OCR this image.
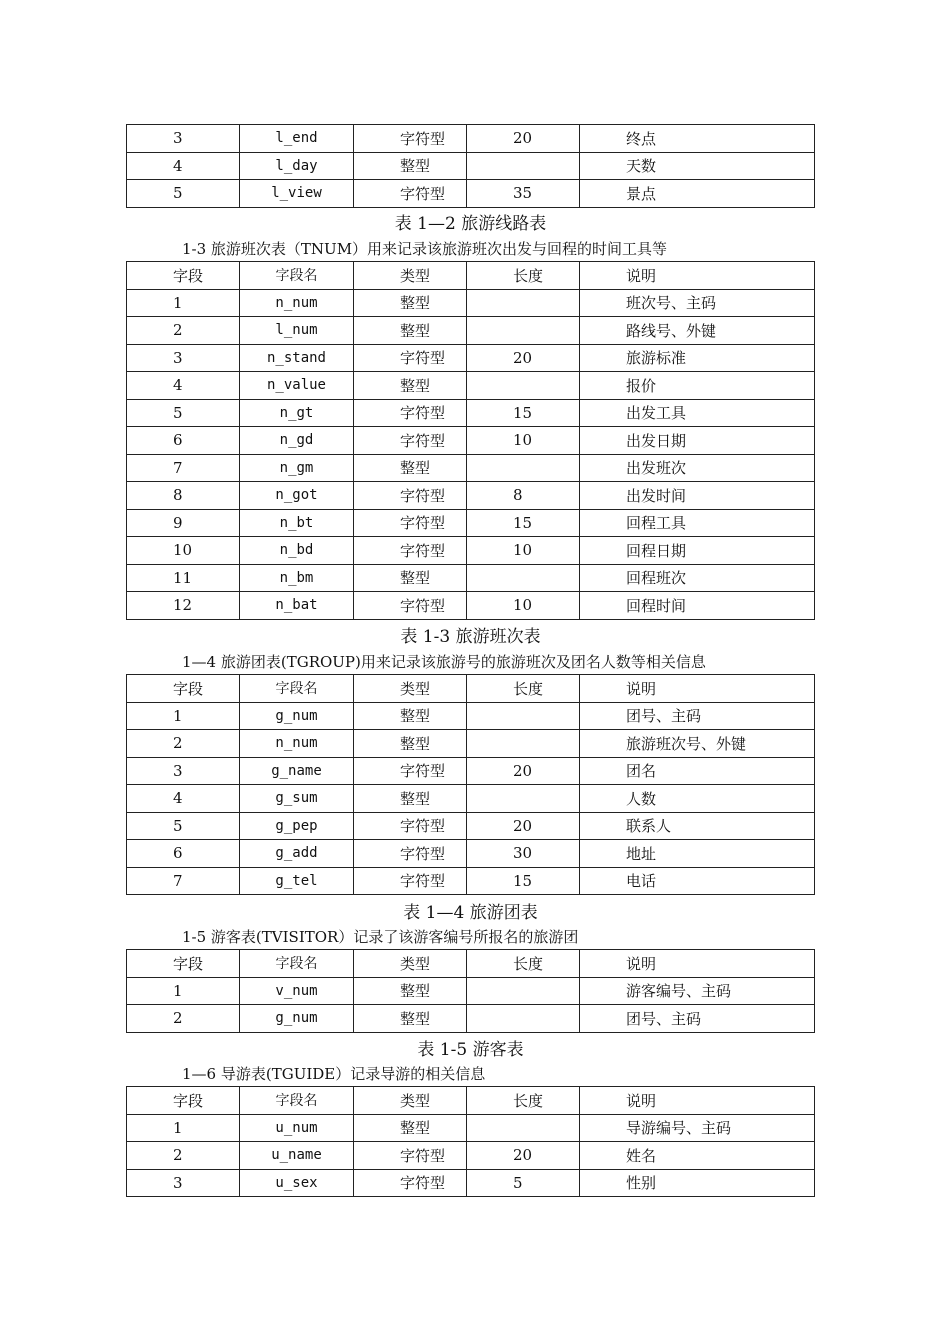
3	l_end	字符型	20	终点
4	l_day	整型		天数
5	l_view	字符型	35	景点
表 1—2 旅游线路表
1-3 旅游班次表（TNUM）用来记录该旅游班次出发与回程的时间工具等
字段	字段名	类型	长度	说明
1	n_num	整型		班次号、主码
2	l_num	整型		路线号、外键
3	n_stand	字符型	20	旅游标准
4	n_value	整型		报价
5	n_gt	字符型	15	出发工具
6	n_gd	字符型	10	出发日期
7	n_gm	整型		出发班次
8	n_got	字符型	8	出发时间
9	n_bt	字符型	15	回程工具
10	n_bd	字符型	10	回程日期
11	n_bm	整型		回程班次
12	n_bat	字符型	10	回程时间
表 1-3 旅游班次表
1—4 旅游团表(TGROUP)用来记录该旅游号的旅游班次及团名人数等相关信息
字段	字段名	类型	长度	说明
1	g_num	整型		团号、主码
2	n_num	整型		旅游班次号、外键
3	g_name	字符型	20	团名
4	g_sum	整型		人数
5	g_pep	字符型	20	联系人
6	g_add	字符型	30	地址
7	g_tel	字符型	15	电话
表 1—4 旅游团表
1-5 游客表(TVISITOR）记录了该游客编号所报名的旅游团
字段	字段名	类型	长度	说明
1	v_num	整型		游客编号、主码
2	g_num	整型		团号、主码
表 1-5 游客表
1—6 导游表(TGUIDE）记录导游的相关信息
字段	字段名	类型	长度	说明
1	u_num	整型		导游编号、主码
2	u_name	字符型	20	姓名
3	u_sex	字符型	5	性别
